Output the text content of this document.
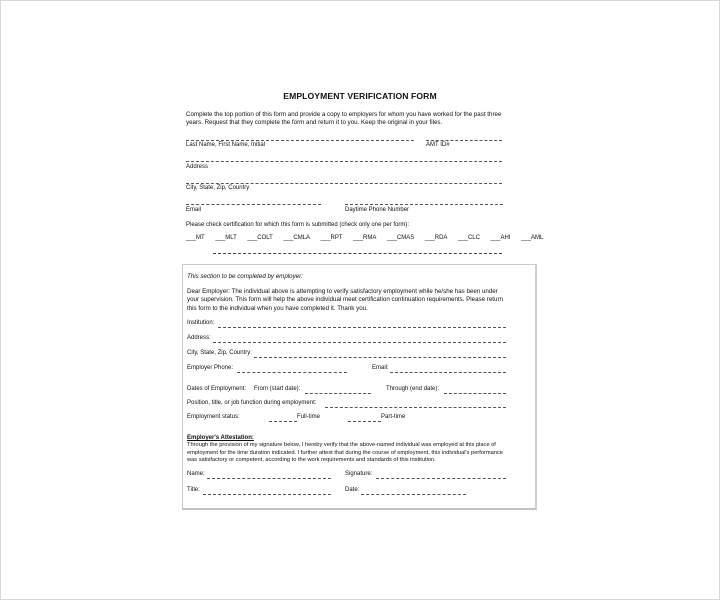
EMPLOYMENT VERIFICATION FORM
Complete the top portion of this form and provide a copy to employers for whom you have worked for the past three
years. Request that they complete the form and return it to you. Keep the original in your files.
Last Name, First Name, Initial	AMT ID#
Address
City, State, Zip, Country
Email	Daytime Phone Number
Please check certification for which this form is submitted (check only one per form):
___MT ___MLT ___COLT ___CMLA ___RPT ___RMA ___CMAS ___RDA ___CLC ___AHI ___AML
This section to be completed by employer:
Dear Employer: The individual above is attempting to verify satisfactory employment while he/she has been under
your supervision. This form will help the above individual meet certification continuation requirements. Please return
this form to the individual when you have completed it. Thank you.
Institution:
Address:
City, State, Zip, Country:
Employer Phone:	Email:
Dates of Employment: From (start date):	Through (end date):
Position, title, or job function during employment:
Employment status:	Full-time	Part-time
Employer's Attestation:
Through the provision of my signature below, I hereby verify that the above-named individual was employed at this place of
employment for the time duration indicated. I further attest that during the course of employment, this individual's performance
was satisfactory or competent, according to the work requirements and standards of this institution.
Name:	Signature:
Title:	Date:
